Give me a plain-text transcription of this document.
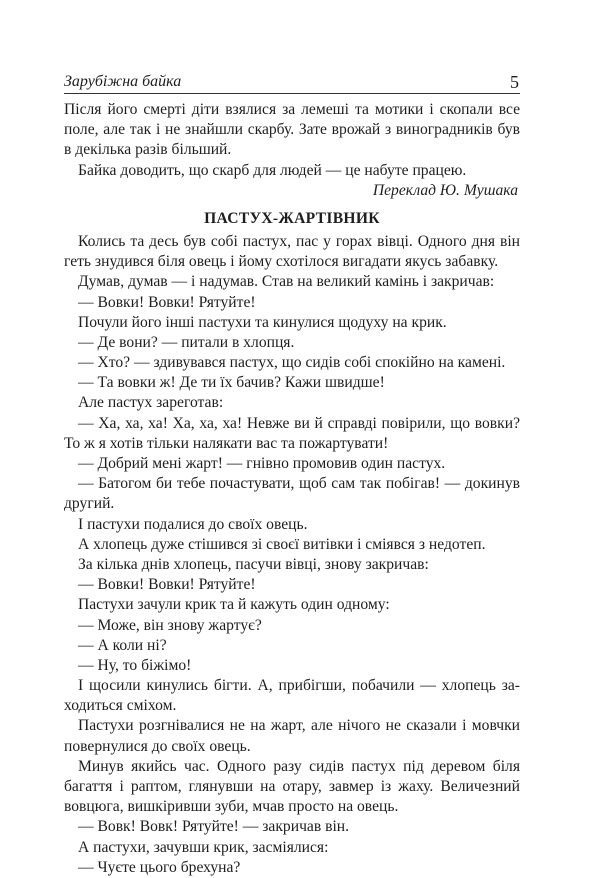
Зарубіжна байка	5
Після його смерті діти взялися за лемеші та мотики і скопали все
поле, але так і не знайшли скарбу. Зате врожай з виноградників був
в декілька разів більший.
Байка доводить, що скарб для людей — це набуте працею.
Переклад Ю. Мушака
ПАСТУХ-ЖАРТІВНИК
Колись та десь був собі пастух, пас у горах вівці. Одного дня він
геть знудився біля овець і йому схотілося вигадати якусь забавку.
Думав, думав — і надумав. Став на великий камінь і закричав:
— Вовки! Вовки! Рятуйте!
Почули його інші пастухи та кинулися щодуху на крик.
— Де вони? — питали в хлопця.
— Хто? — здивувався пастух, що сидів собі спокійно на камені.
— Та вовки ж! Де ти їх бачив? Кажи швидше!
Але пастух зареготав:
— Ха, ха, ха! Ха, ха, ха! Невже ви й справді повірили, що вовки?
То ж я хотів тільки налякати вас та пожартувати!
— Добрий мені жарт! — гнівно промовив один пастух.
— Батогом би тебе почастувати, щоб сам так побігав! — докинув
другий.
І пастухи подалися до своїх овець.
А хлопець дуже стішився зі своєї витівки і сміявся з недотеп.
За кілька днів хлопець, пасучи вівці, знову закричав:
— Вовки! Вовки! Рятуйте!
Пастухи зачули крик та й кажуть один одному:
— Може, він знову жартує?
— А коли ні?
— Ну, то біжімо!
І щосили кинулись бігти. А, прибігши, побачили — хлопець за-
ходиться сміхом.
Пастухи розгнівалися не на жарт, але нічого не сказали і мовчки
повернулися до своїх овець.
Минув якийсь час. Одного разу сидів пастух під деревом біля
багаття і раптом, глянувши на отару, завмер із жаху. Величезний
вовцюга, вишкіривши зуби, мчав просто на овець.
— Вовк! Вовк! Рятуйте! — закричав він.
А пастухи, зачувши крик, засміялися:
— Чуєте цього брехуна?
